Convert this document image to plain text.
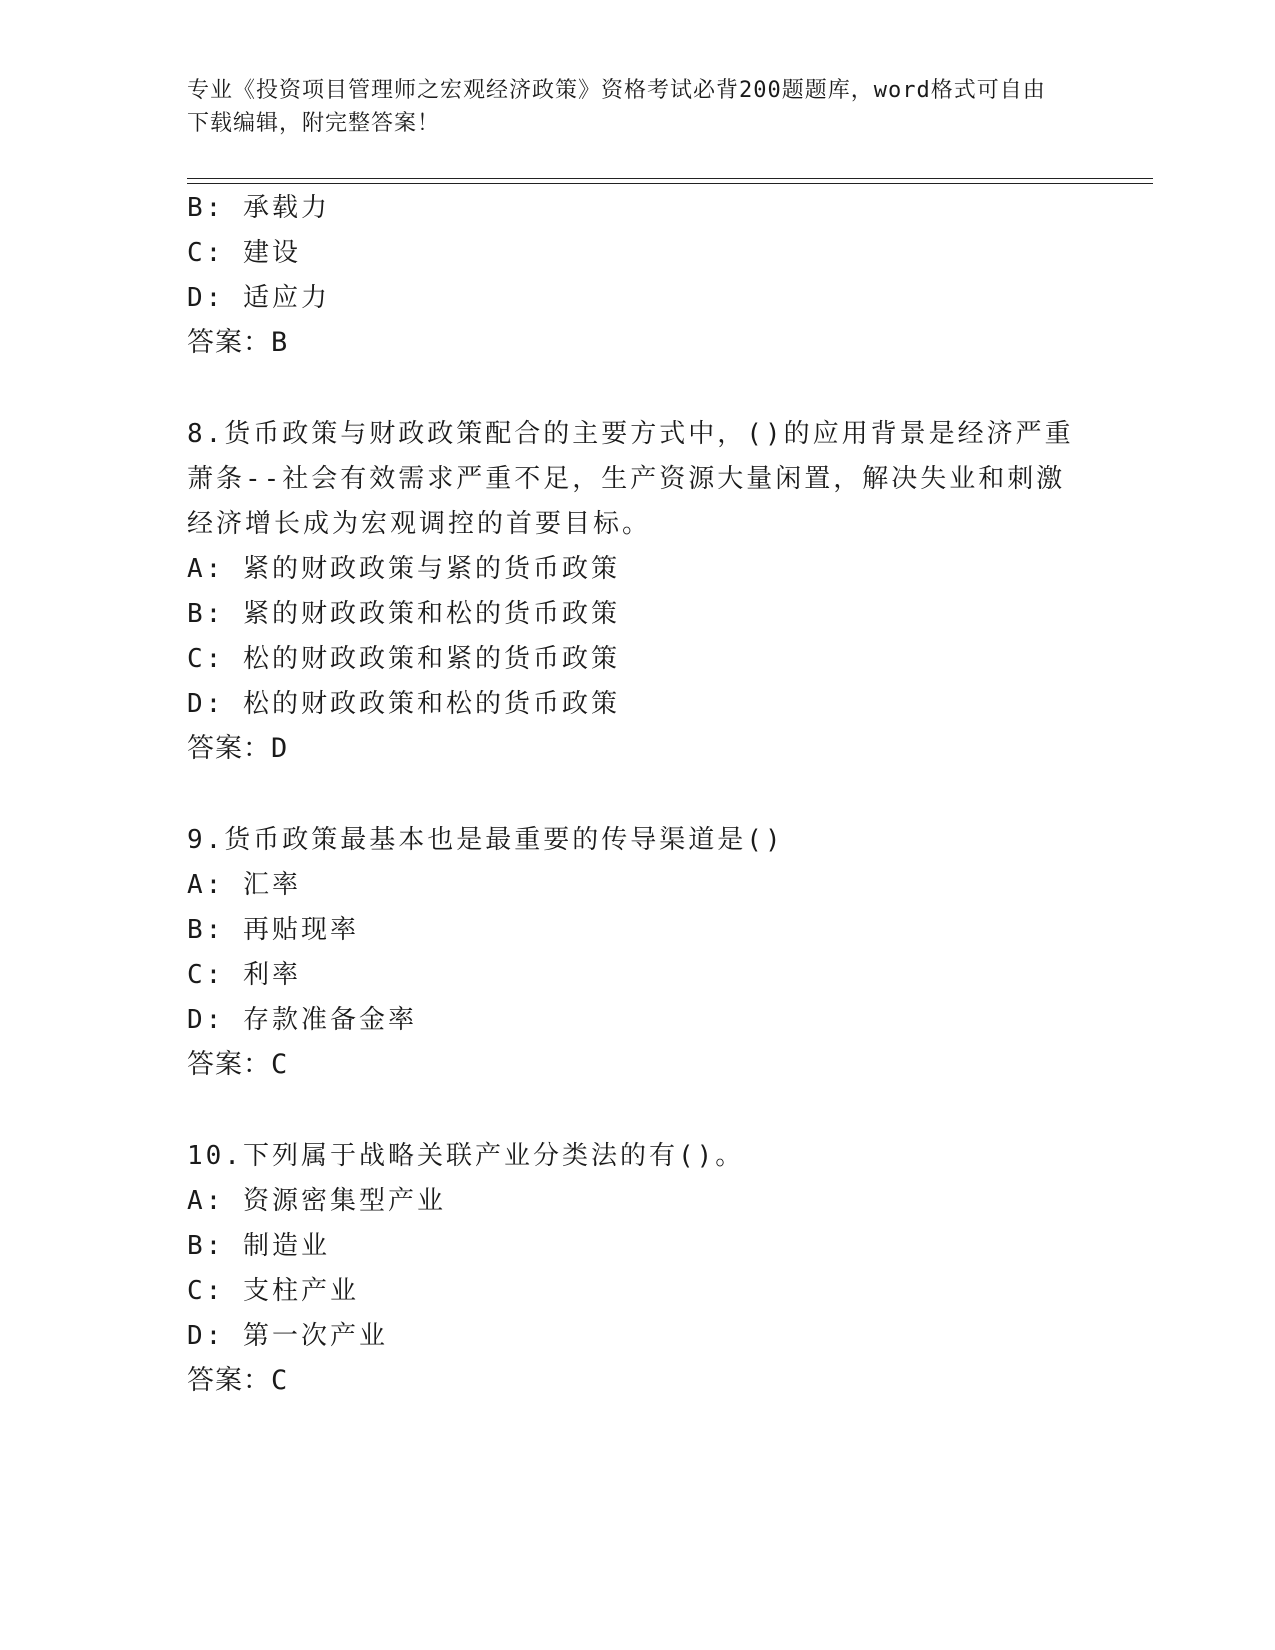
专业《投资项目管理师之宏观经济政策》资格考试必背200题题库，word格式可自由下载编辑，附完整答案！
B: 承载力
C: 建设
D: 适应力
答案：B
8.货币政策与财政政策配合的主要方式中，()的应用背景是经济严重
萧条--社会有效需求严重不足，生产资源大量闲置，解决失业和刺激
经济增长成为宏观调控的首要目标。
A: 紧的财政政策与紧的货币政策
B: 紧的财政政策和松的货币政策
C: 松的财政政策和紧的货币政策
D: 松的财政政策和松的货币政策
答案：D
9.货币政策最基本也是最重要的传导渠道是()
A: 汇率
B: 再贴现率
C: 利率
D: 存款准备金率
答案：C
10.下列属于战略关联产业分类法的有()。
A: 资源密集型产业
B: 制造业
C: 支柱产业
D: 第一次产业
答案：C
